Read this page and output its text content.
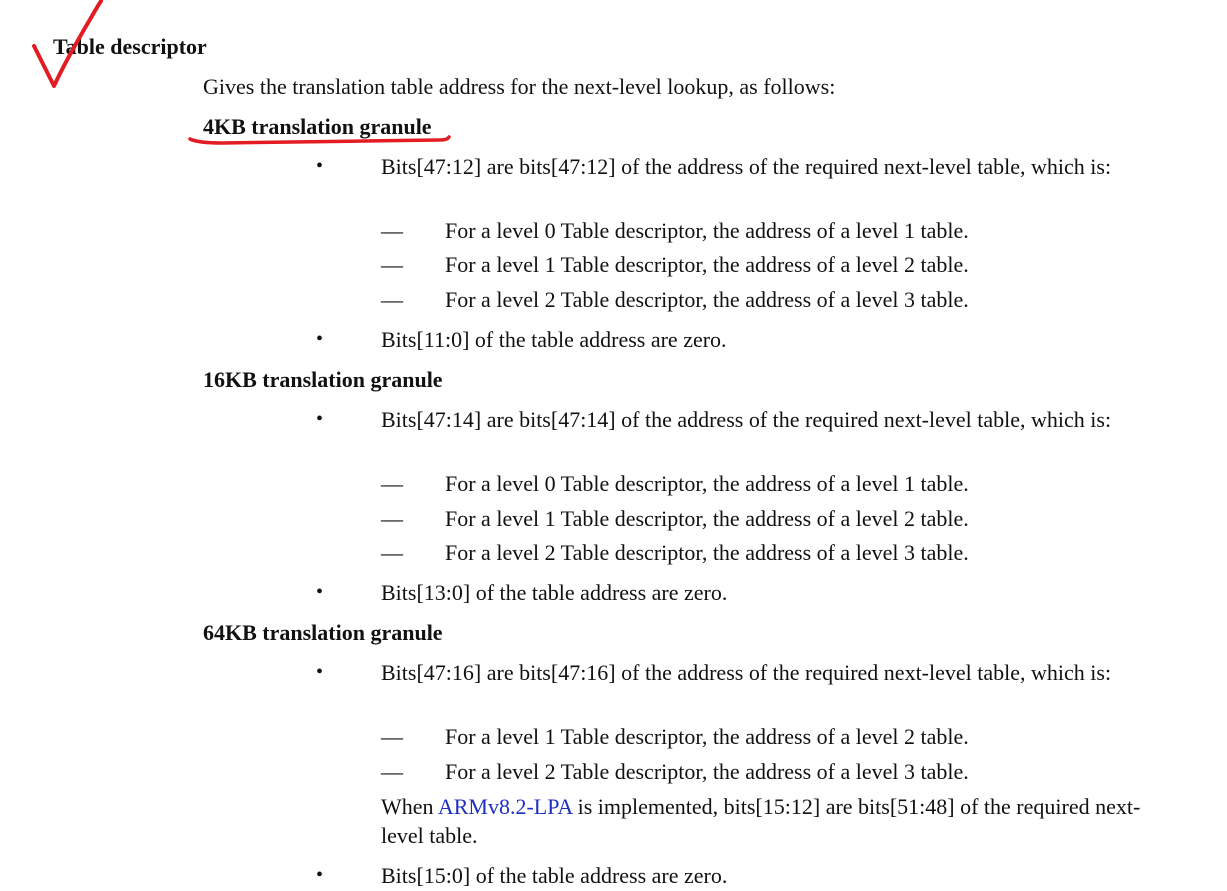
Table descriptor
Gives the translation table address for the next-level lookup, as follows:
4KB translation granule
•	Bits[47:12] are bits[47:12] of the address of the required next-level table, which is:
— For a level 0 Table descriptor, the address of a level 1 table.
— For a level 1 Table descriptor, the address of a level 2 table.
— For a level 2 Table descriptor, the address of a level 3 table.
•	Bits[11:0] of the table address are zero.
16KB translation granule
•	Bits[47:14] are bits[47:14] of the address of the required next-level table, which is:
— For a level 0 Table descriptor, the address of a level 1 table.
— For a level 1 Table descriptor, the address of a level 2 table.
— For a level 2 Table descriptor, the address of a level 3 table.
•	Bits[13:0] of the table address are zero.
64KB translation granule
•	Bits[47:16] are bits[47:16] of the address of the required next-level table, which is:
— For a level 1 Table descriptor, the address of a level 2 table.
— For a level 2 Table descriptor, the address of a level 3 table.
When ARMv8.2-LPA is implemented, bits[15:12] are bits[51:48] of the required next-level table.
•	Bits[15:0] of the table address are zero.
